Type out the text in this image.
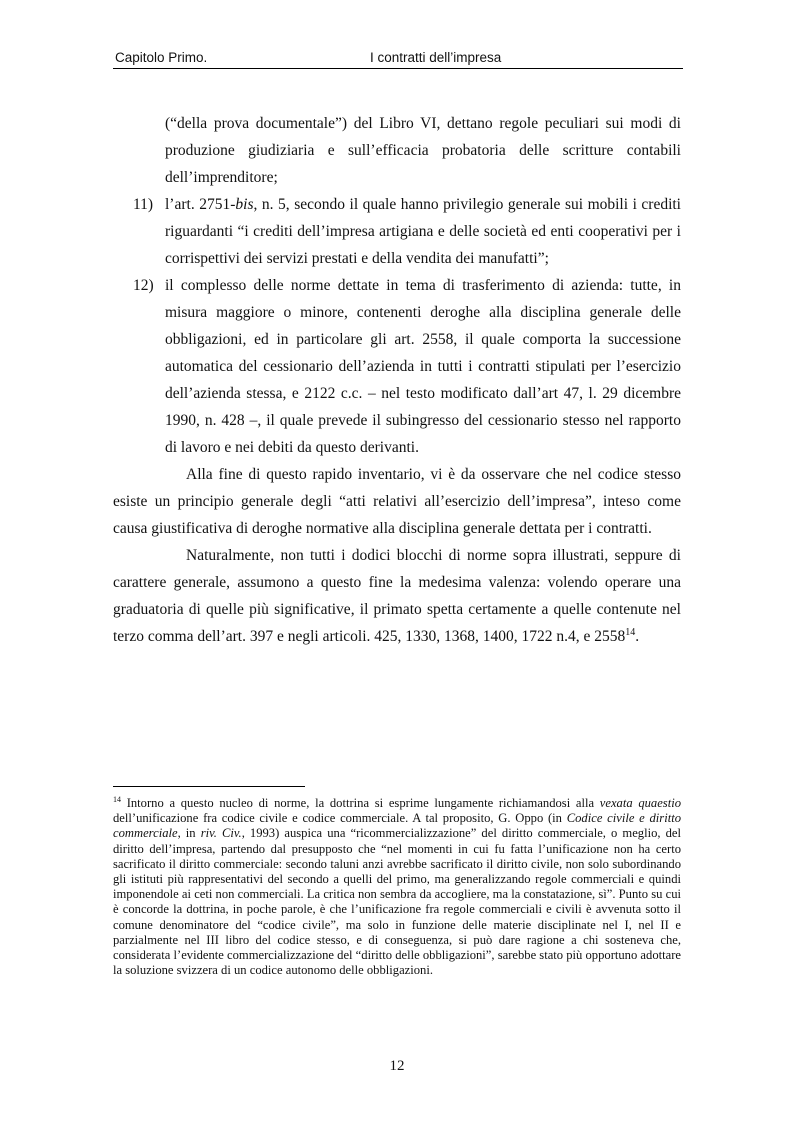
Capitolo Primo.	I contratti dell’impresa

(“della prova documentale”) del Libro VI, dettano regole peculiari sui modi di produzione giudiziaria e sull’efficacia probatoria delle scritture contabili dell’imprenditore;

11) l’art. 2751-bis, n. 5, secondo il quale hanno privilegio generale sui mobili i crediti riguardanti “i crediti dell’impresa artigiana e delle società ed enti cooperativi per i corrispettivi dei servizi prestati e della vendita dei manufatti”;

12) il complesso delle norme dettate in tema di trasferimento di azienda: tutte, in misura maggiore o minore, contenenti deroghe alla disciplina generale delle obbligazioni, ed in particolare gli art. 2558, il quale comporta la successione automatica del cessionario dell’azienda in tutti i contratti stipulati per l’esercizio dell’azienda stessa, e 2122 c.c. – nel testo modificato dall’art 47, l. 29 dicembre 1990, n. 428 –, il quale prevede il subingresso del cessionario stesso nel rapporto di lavoro e nei debiti da questo derivanti.

Alla fine di questo rapido inventario, vi è da osservare che nel codice stesso esiste un principio generale degli “atti relativi all’esercizio dell’impresa”, inteso come causa giustificativa di deroghe normative alla disciplina generale dettata per i contratti.

Naturalmente, non tutti i dodici blocchi di norme sopra illustrati, seppure di carattere generale, assumono a questo fine la medesima valenza: volendo operare una graduatoria di quelle più significative, il primato spetta certamente a quelle contenute nel terzo comma dell’art. 397 e negli articoli. 425, 1330, 1368, 1400, 1722 n.4, e 2558$^{14}$.

$^{14}$ Intorno a questo nucleo di norme, la dottrina si esprime lungamente richiamandosi alla vexata quaestio dell’unificazione fra codice civile e codice commerciale. A tal proposito, G. Oppo (in Codice civile e diritto commerciale, in riv. Civ., 1993) auspica una “ricommercializzazione” del diritto commerciale, o meglio, del diritto dell’impresa, partendo dal presupposto che “nel momenti in cui fu fatta l’unificazione non ha certo sacrificato il diritto commerciale: secondo taluni anzi avrebbe sacrificato il diritto civile, non solo subordinando gli istituti più rappresentativi del secondo a quelli del primo, ma generalizzando regole commerciali e quindi imponendole ai ceti non commerciali. La critica non sembra da accogliere, ma la constatazione, sì”. Punto su cui è concorde la dottrina, in poche parole, è che l’unificazione fra regole commerciali e civili è avvenuta sotto il comune denominatore del “codice civile”, ma solo in funzione delle materie disciplinate nel I, nel II e parzialmente nel III libro del codice stesso, e di conseguenza, si può dare ragione a chi sosteneva che, considerata l’evidente commercializzazione del “diritto delle obbligazioni”, sarebbe stato più opportuno adottare la soluzione svizzera di un codice autonomo delle obbligazioni.
12
